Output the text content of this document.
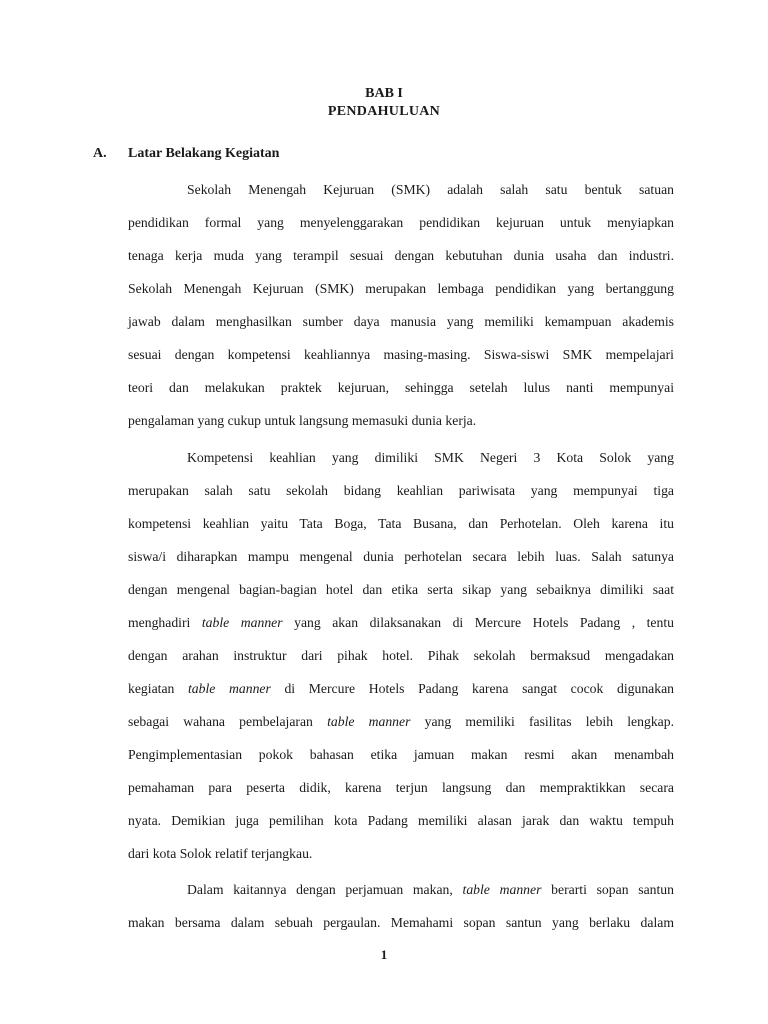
BAB I
PENDAHULUAN
A. Latar Belakang Kegiatan
Sekolah Menengah Kejuruan (SMK) adalah salah satu bentuk satuan
pendidikan formal yang menyelenggarakan pendidikan kejuruan untuk menyiapkan
tenaga kerja muda yang terampil sesuai dengan kebutuhan dunia usaha dan industri.
Sekolah Menengah Kejuruan (SMK) merupakan lembaga pendidikan yang bertanggung
jawab dalam menghasilkan sumber daya manusia yang memiliki kemampuan akademis
sesuai dengan kompetensi keahliannya masing-masing. Siswa-siswi SMK mempelajari
teori dan melakukan praktek kejuruan, sehingga setelah lulus nanti mempunyai
pengalaman yang cukup untuk langsung memasuki dunia kerja.
Kompetensi keahlian yang dimiliki SMK Negeri 3 Kota Solok yang
merupakan salah satu sekolah bidang keahlian pariwisata yang mempunyai tiga
kompetensi keahlian yaitu Tata Boga, Tata Busana, dan Perhotelan. Oleh karena itu
siswa/i diharapkan mampu mengenal dunia perhotelan secara lebih luas. Salah satunya
dengan mengenal bagian-bagian hotel dan etika serta sikap yang sebaiknya dimiliki saat
menghadiri table manner yang akan dilaksanakan di Mercure Hotels Padang , tentu
dengan arahan instruktur dari pihak hotel. Pihak sekolah bermaksud mengadakan
kegiatan table manner di Mercure Hotels Padang karena sangat cocok digunakan
sebagai wahana pembelajaran table manner yang memiliki fasilitas lebih lengkap.
Pengimplementasian pokok bahasan etika jamuan makan resmi akan menambah
pemahaman para peserta didik, karena terjun langsung dan mempraktikkan secara
nyata. Demikian juga pemilihan kota Padang memiliki alasan jarak dan waktu tempuh
dari kota Solok relatif terjangkau.
Dalam kaitannya dengan perjamuan makan, table manner berarti sopan santun
makan bersama dalam sebuah pergaulan. Memahami sopan santun yang berlaku dalam
1
